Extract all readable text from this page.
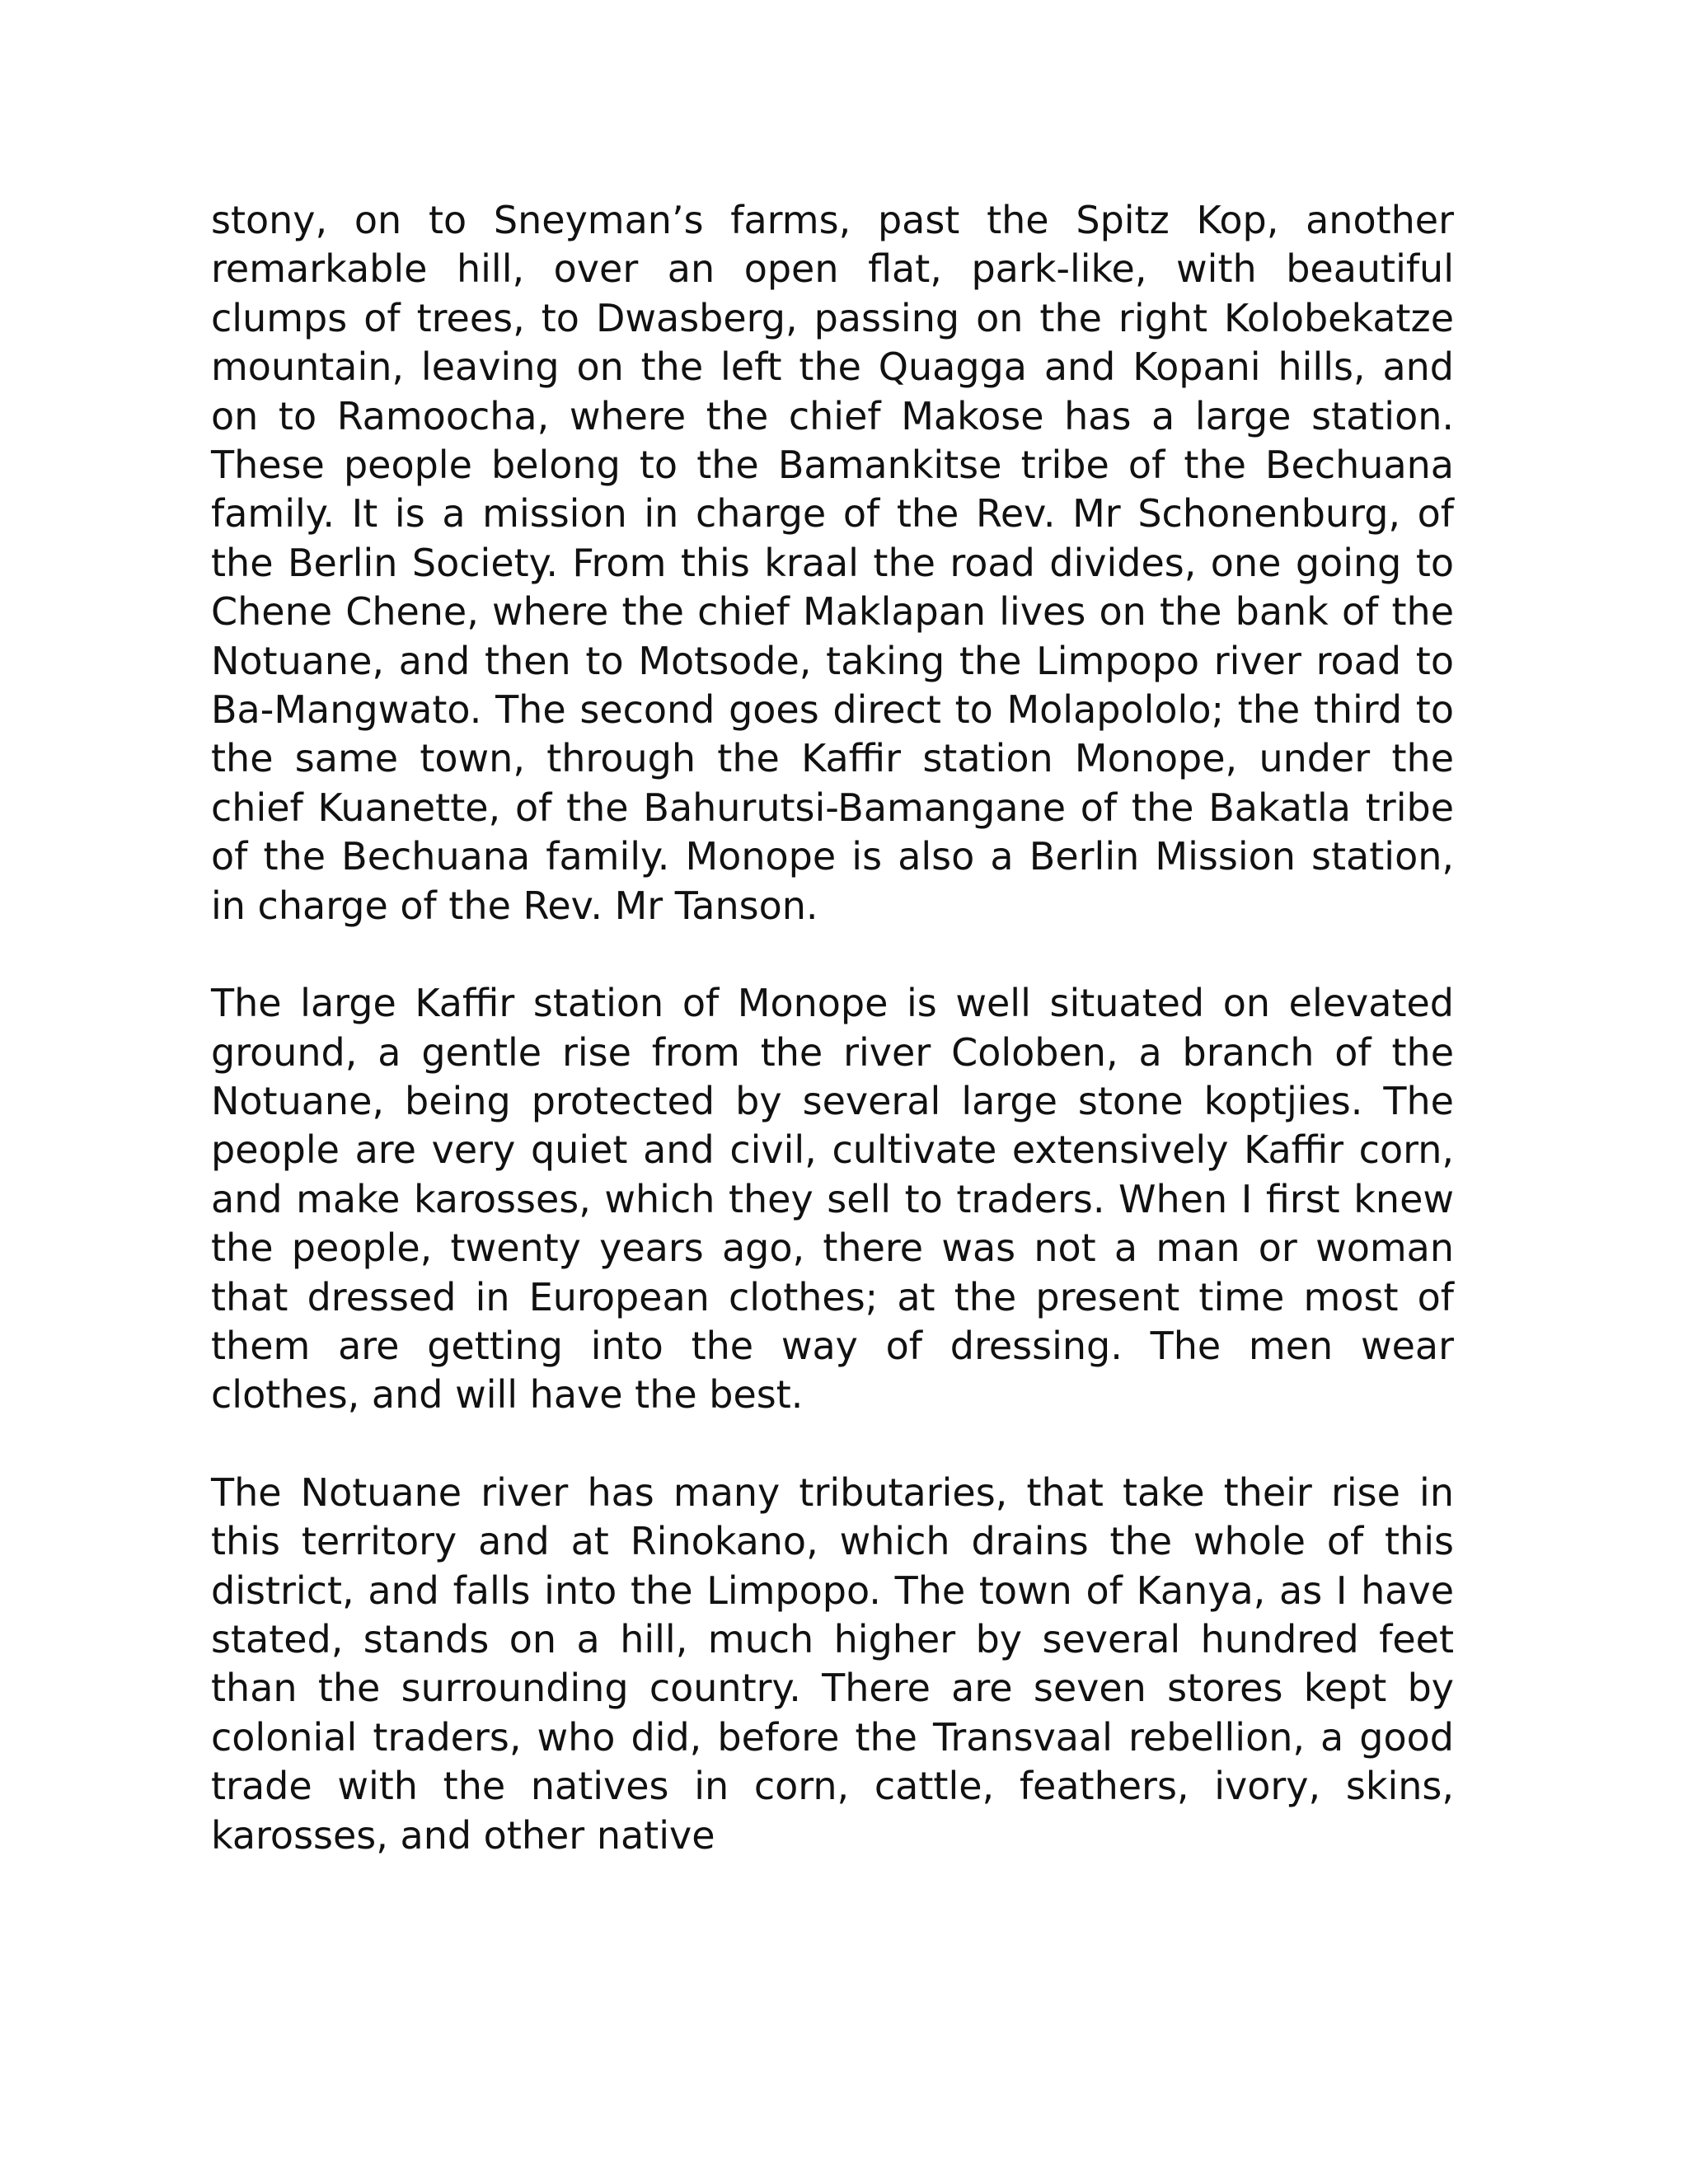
stony, on to Sneyman’s farms, past the Spitz Kop, another remarkable hill, over an open flat, park-like, with beautiful clumps of trees, to Dwasberg, passing on the right Kolobekatze mountain, leaving on the left the Quagga and Kopani hills, and on to Ramoocha, where the chief Makose has a large station. These people belong to the Bamankitse tribe of the Bechuana family. It is a mission in charge of the Rev. Mr Schonenburg, of the Berlin Society. From this kraal the road divides, one going to Chene Chene, where the chief Maklapan lives on the bank of the Notuane, and then to Motsode, taking the Limpopo river road to Ba-Mangwato. The second goes direct to Molapololo; the third to the same town, through the Kaffir station Monope, under the chief Kuanette, of the Bahurutsi-Bamangane of the Bakatla tribe of the Bechuana family. Monope is also a Berlin Mission station, in charge of the Rev. Mr Tanson.

The large Kaffir station of Monope is well situated on elevated ground, a gentle rise from the river Coloben, a branch of the Notuane, being protected by several large stone koptjies. The people are very quiet and civil, cultivate extensively Kaffir corn, and make karosses, which they sell to traders. When I first knew the people, twenty years ago, there was not a man or woman that dressed in European clothes; at the present time most of them are getting into the way of dressing. The men wear clothes, and will have the best.

The Notuane river has many tributaries, that take their rise in this territory and at Rinokano, which drains the whole of this district, and falls into the Limpopo. The town of Kanya, as I have stated, stands on a hill, much higher by several hundred feet than the surrounding country. There are seven stores kept by colonial traders, who did, before the Transvaal rebellion, a good trade with the natives in corn, cattle, feathers, ivory, skins, karosses, and other native
